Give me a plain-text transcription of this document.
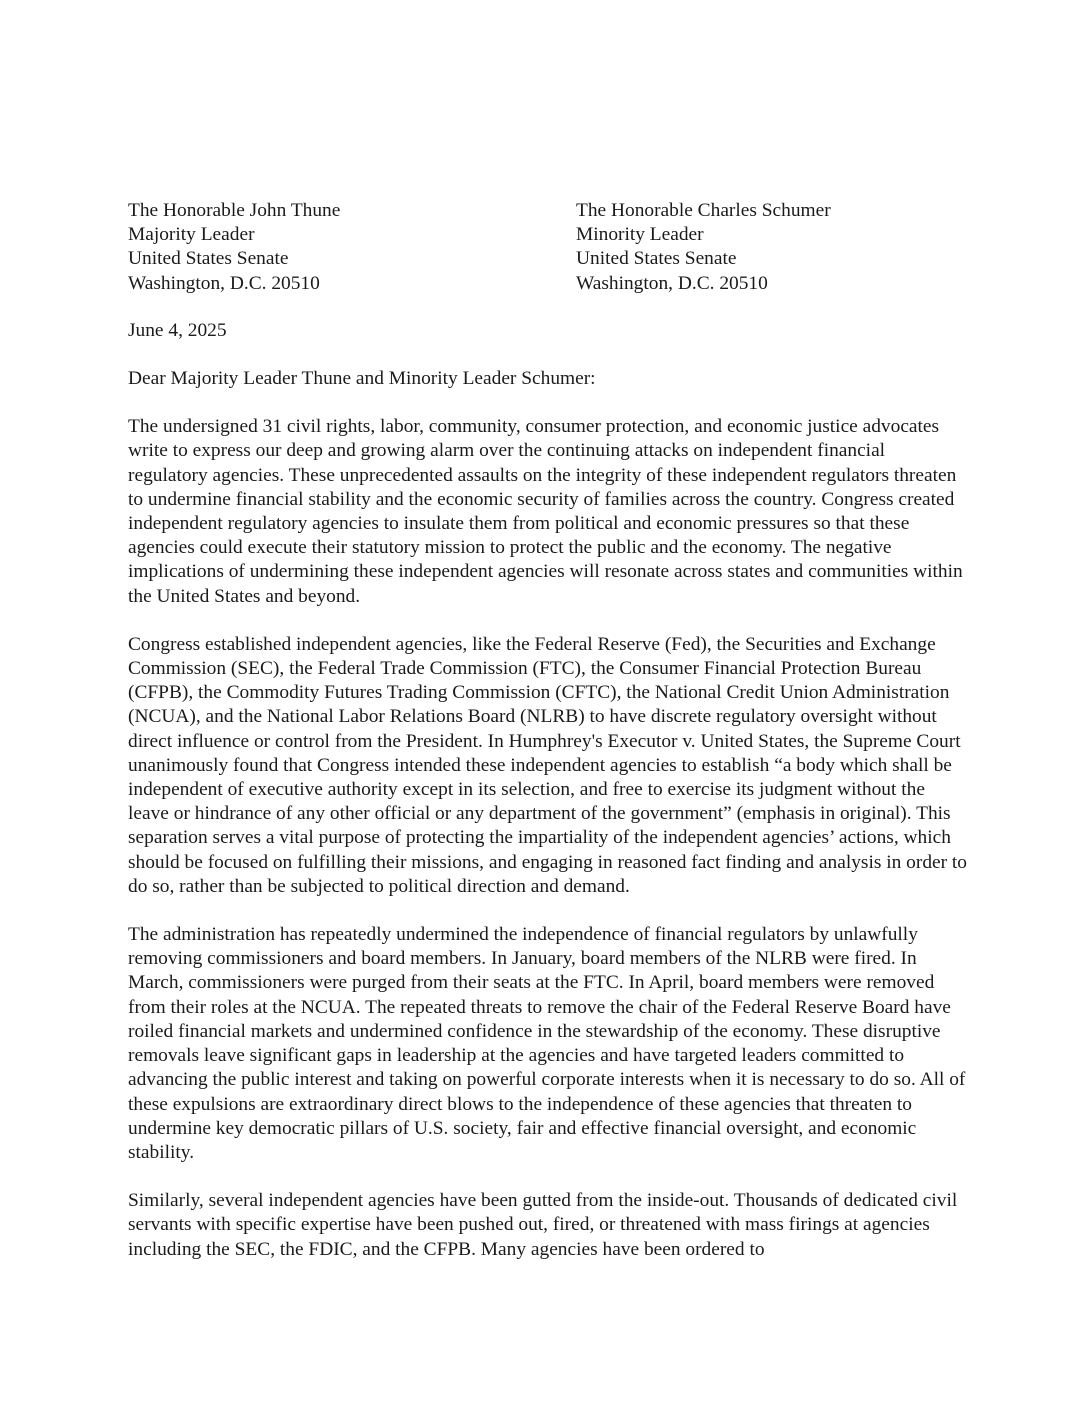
The Honorable John Thune
Majority Leader
United States Senate
Washington, D.C. 20510
The Honorable Charles Schumer
Minority Leader
United States Senate
Washington, D.C. 20510
June 4, 2025
Dear Majority Leader Thune and Minority Leader Schumer:

The undersigned 31 civil rights, labor, community, consumer protection, and economic justice advocates write to express our deep and growing alarm over the continuing attacks on independent financial regulatory agencies. These unprecedented assaults on the integrity of these independent regulators threaten to undermine financial stability and the economic security of families across the country. Congress created independent regulatory agencies to insulate them from political and economic pressures so that these agencies could execute their statutory mission to protect the public and the economy. The negative implications of undermining these independent agencies will resonate across states and communities within the United States and beyond.

Congress established independent agencies, like the Federal Reserve (Fed), the Securities and Exchange Commission (SEC), the Federal Trade Commission (FTC), the Consumer Financial Protection Bureau (CFPB), the Commodity Futures Trading Commission (CFTC), the National Credit Union Administration (NCUA), and the National Labor Relations Board (NLRB) to have discrete regulatory oversight without direct influence or control from the President. In Humphrey's Executor v. United States, the Supreme Court unanimously found that Congress intended these independent agencies to establish “a body which shall be independent of executive authority except in its selection, and free to exercise its judgment without the leave or hindrance of any other official or any department of the government” (emphasis in original). This separation serves a vital purpose of protecting the impartiality of the independent agencies’ actions, which should be focused on fulfilling their missions, and engaging in reasoned fact finding and analysis in order to do so, rather than be subjected to political direction and demand.

The administration has repeatedly undermined the independence of financial regulators by unlawfully removing commissioners and board members. In January, board members of the NLRB were fired. In March, commissioners were purged from their seats at the FTC. In April, board members were removed from their roles at the NCUA. The repeated threats to remove the chair of the Federal Reserve Board have roiled financial markets and undermined confidence in the stewardship of the economy. These disruptive removals leave significant gaps in leadership at the agencies and have targeted leaders committed to advancing the public interest and taking on powerful corporate interests when it is necessary to do so. All of these expulsions are extraordinary direct blows to the independence of these agencies that threaten to undermine key democratic pillars of U.S. society, fair and effective financial oversight, and economic stability.

Similarly, several independent agencies have been gutted from the inside-out. Thousands of dedicated civil servants with specific expertise have been pushed out, fired, or threatened with mass firings at agencies including the SEC, the FDIC, and the CFPB. Many agencies have been ordered to
